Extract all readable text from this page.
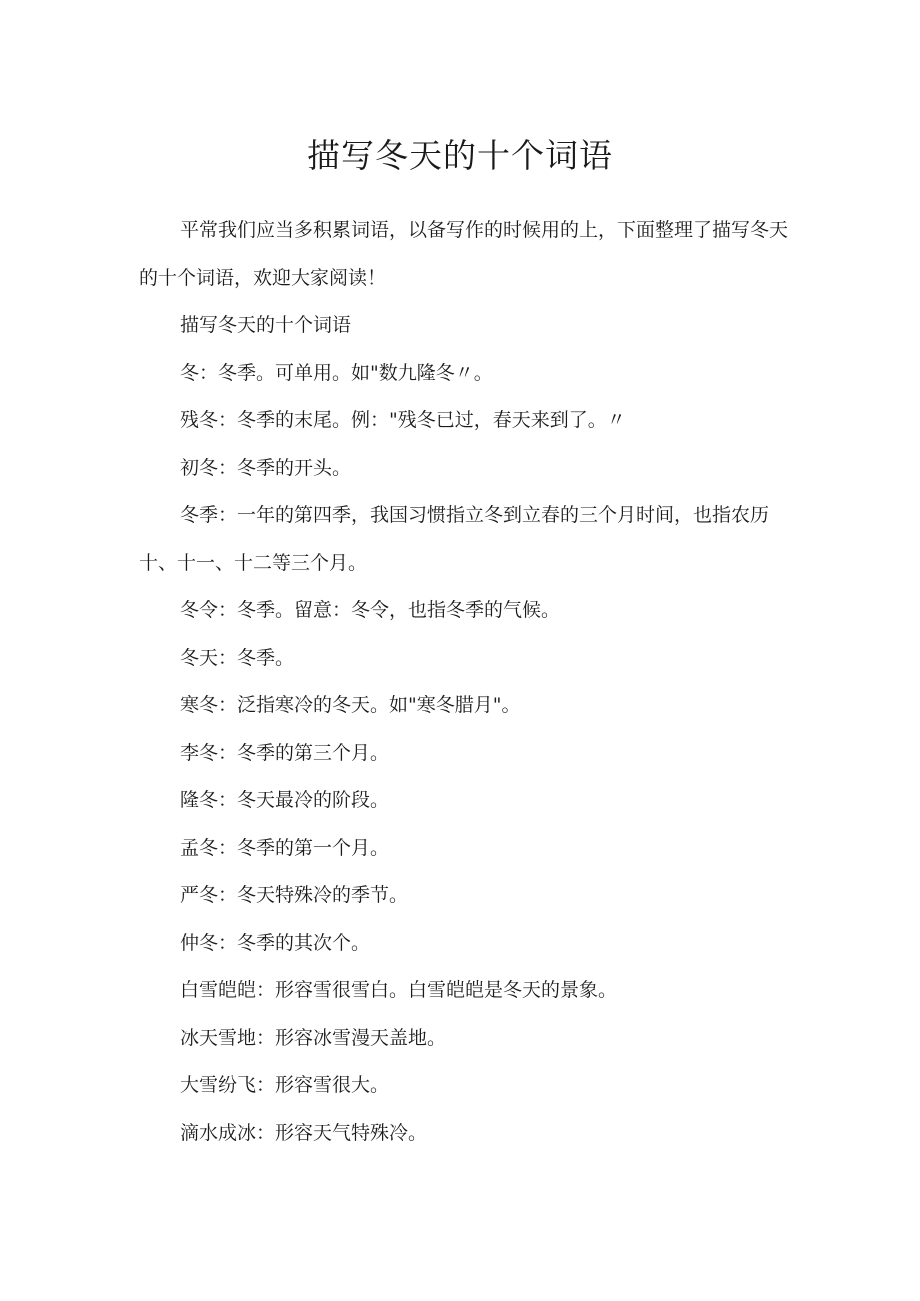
描写冬天的十个词语

平常我们应当多积累词语，以备写作的时候用的上，下面整理了描写冬天的十个词语，欢迎大家阅读！

描写冬天的十个词语

冬：冬季。可单用。如"数九隆冬〃。

残冬：冬季的末尾。例："残冬已过，春天来到了。〃

初冬：冬季的开头。

冬季：一年的第四季，我国习惯指立冬到立春的三个月时间，也指农历十、十一、十二等三个月。

冬令：冬季。留意：冬令，也指冬季的气候。

冬天：冬季。

寒冬：泛指寒冷的冬天。如"寒冬腊月"。

李冬：冬季的第三个月。

隆冬：冬天最冷的阶段。

孟冬：冬季的第一个月。

严冬：冬天特殊冷的季节。

仲冬：冬季的其次个。

白雪皑皑：形容雪很雪白。白雪皑皑是冬天的景象。

冰天雪地：形容冰雪漫天盖地。

大雪纷飞：形容雪很大。

滴水成冰：形容天气特殊冷。
